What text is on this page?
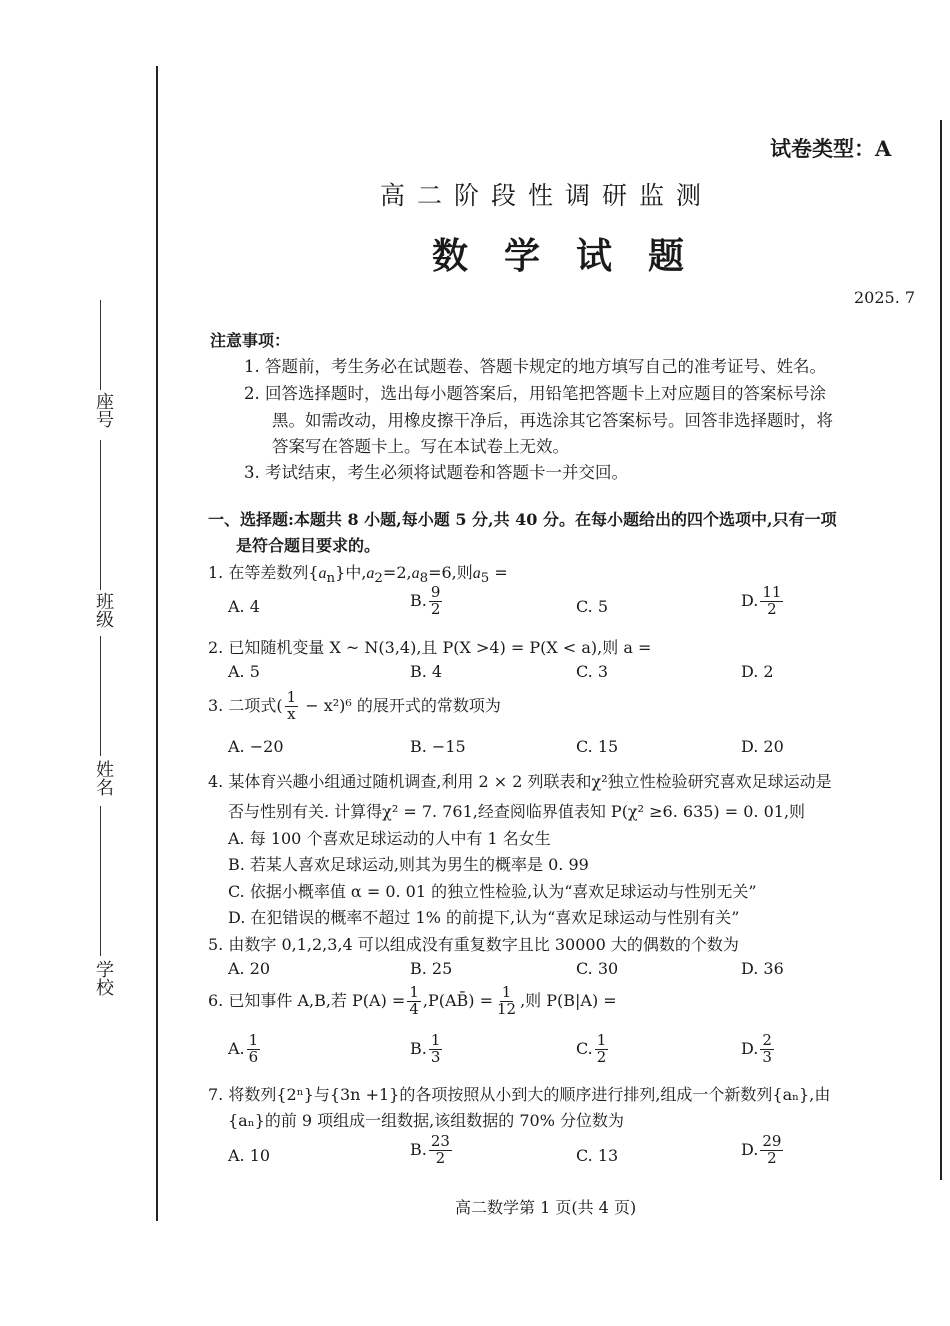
座号
班级
姓名
学校
试卷类型：A
高二阶段性调研监测
数学试题
2025. 7
注意事项：
1. 答题前，考生务必在试题卷、答题卡规定的地方填写自己的准考证号、姓名。
2. 回答选择题时，选出每小题答案后，用铅笔把答题卡上对应题目的答案标号涂
黑。如需改动，用橡皮擦干净后，再选涂其它答案标号。回答非选择题时，将
答案写在答题卡上。写在本试卷上无效。
3. 考试结束，考生必须将试题卷和答题卡一并交回。
一、选择题:本题共 8 小题,每小题 5 分,共 40 分。在每小题给出的四个选项中,只有一项
是符合题目要求的。
1. 在等差数列$\{a_n\}$中$,a_2=2,a_8=6$,则$a_5$ =
A. 4	B. $\frac{9}{2}$	C. 5	D. $\frac{11}{2}$
2. 已知随机变量 X ~ N(3,4),且 P(X >4) = P(X < a),则 a =
A. 5	B. 4	C. 3	D. 2
3. 二项式( $\frac{1}{x} - x^2)^6$ 的展开式的常数项为
A. −20	B. −15	C. 15	D. 20
4. 某体育兴趣小组通过随机调查,利用 2 × 2 列联表和χ²独立性检验研究喜欢足球运动是
否与性别有关. 计算得χ² = 7. 761,经查阅临界值表知 P(χ² ≥6. 635) = 0. 01,则
A. 每 100 个喜欢足球运动的人中有 1 名女生
B. 若某人喜欢足球运动,则其为男生的概率是 0. 99
C. 依据小概率值 α = 0. 01 的独立性检验,认为“喜欢足球运动与性别无关”
D. 在犯错误的概率不超过 1% 的前提下,认为“喜欢足球运动与性别有关”
5. 由数字 0,1,2,3,4 可以组成没有重复数字且比 30000 大的偶数的个数为
A. 20	B. 25	C. 30	D. 36
6. 已知事件 A,B,若 $P(A) = \frac{1}{4}$ ,P(AB̄) = $\frac{1}{12}$ ,则 P(B|A) =
A. $\frac{1}{6}$	B. $\frac{1}{3}$	C. $\frac{1}{2}$	D. $\frac{2}{3}$
7. 将数列{2ⁿ}与{3n +1}的各项按照从小到大的顺序进行排列,组成一个新数列{aₙ},由
{aₙ}的前 9 项组成一组数据,该组数据的 70% 分位数为
A. 10	B. $\frac{23}{2}$	C. 13	D. $\frac{29}{2}$
高二数学第 1 页(共 4 页)
